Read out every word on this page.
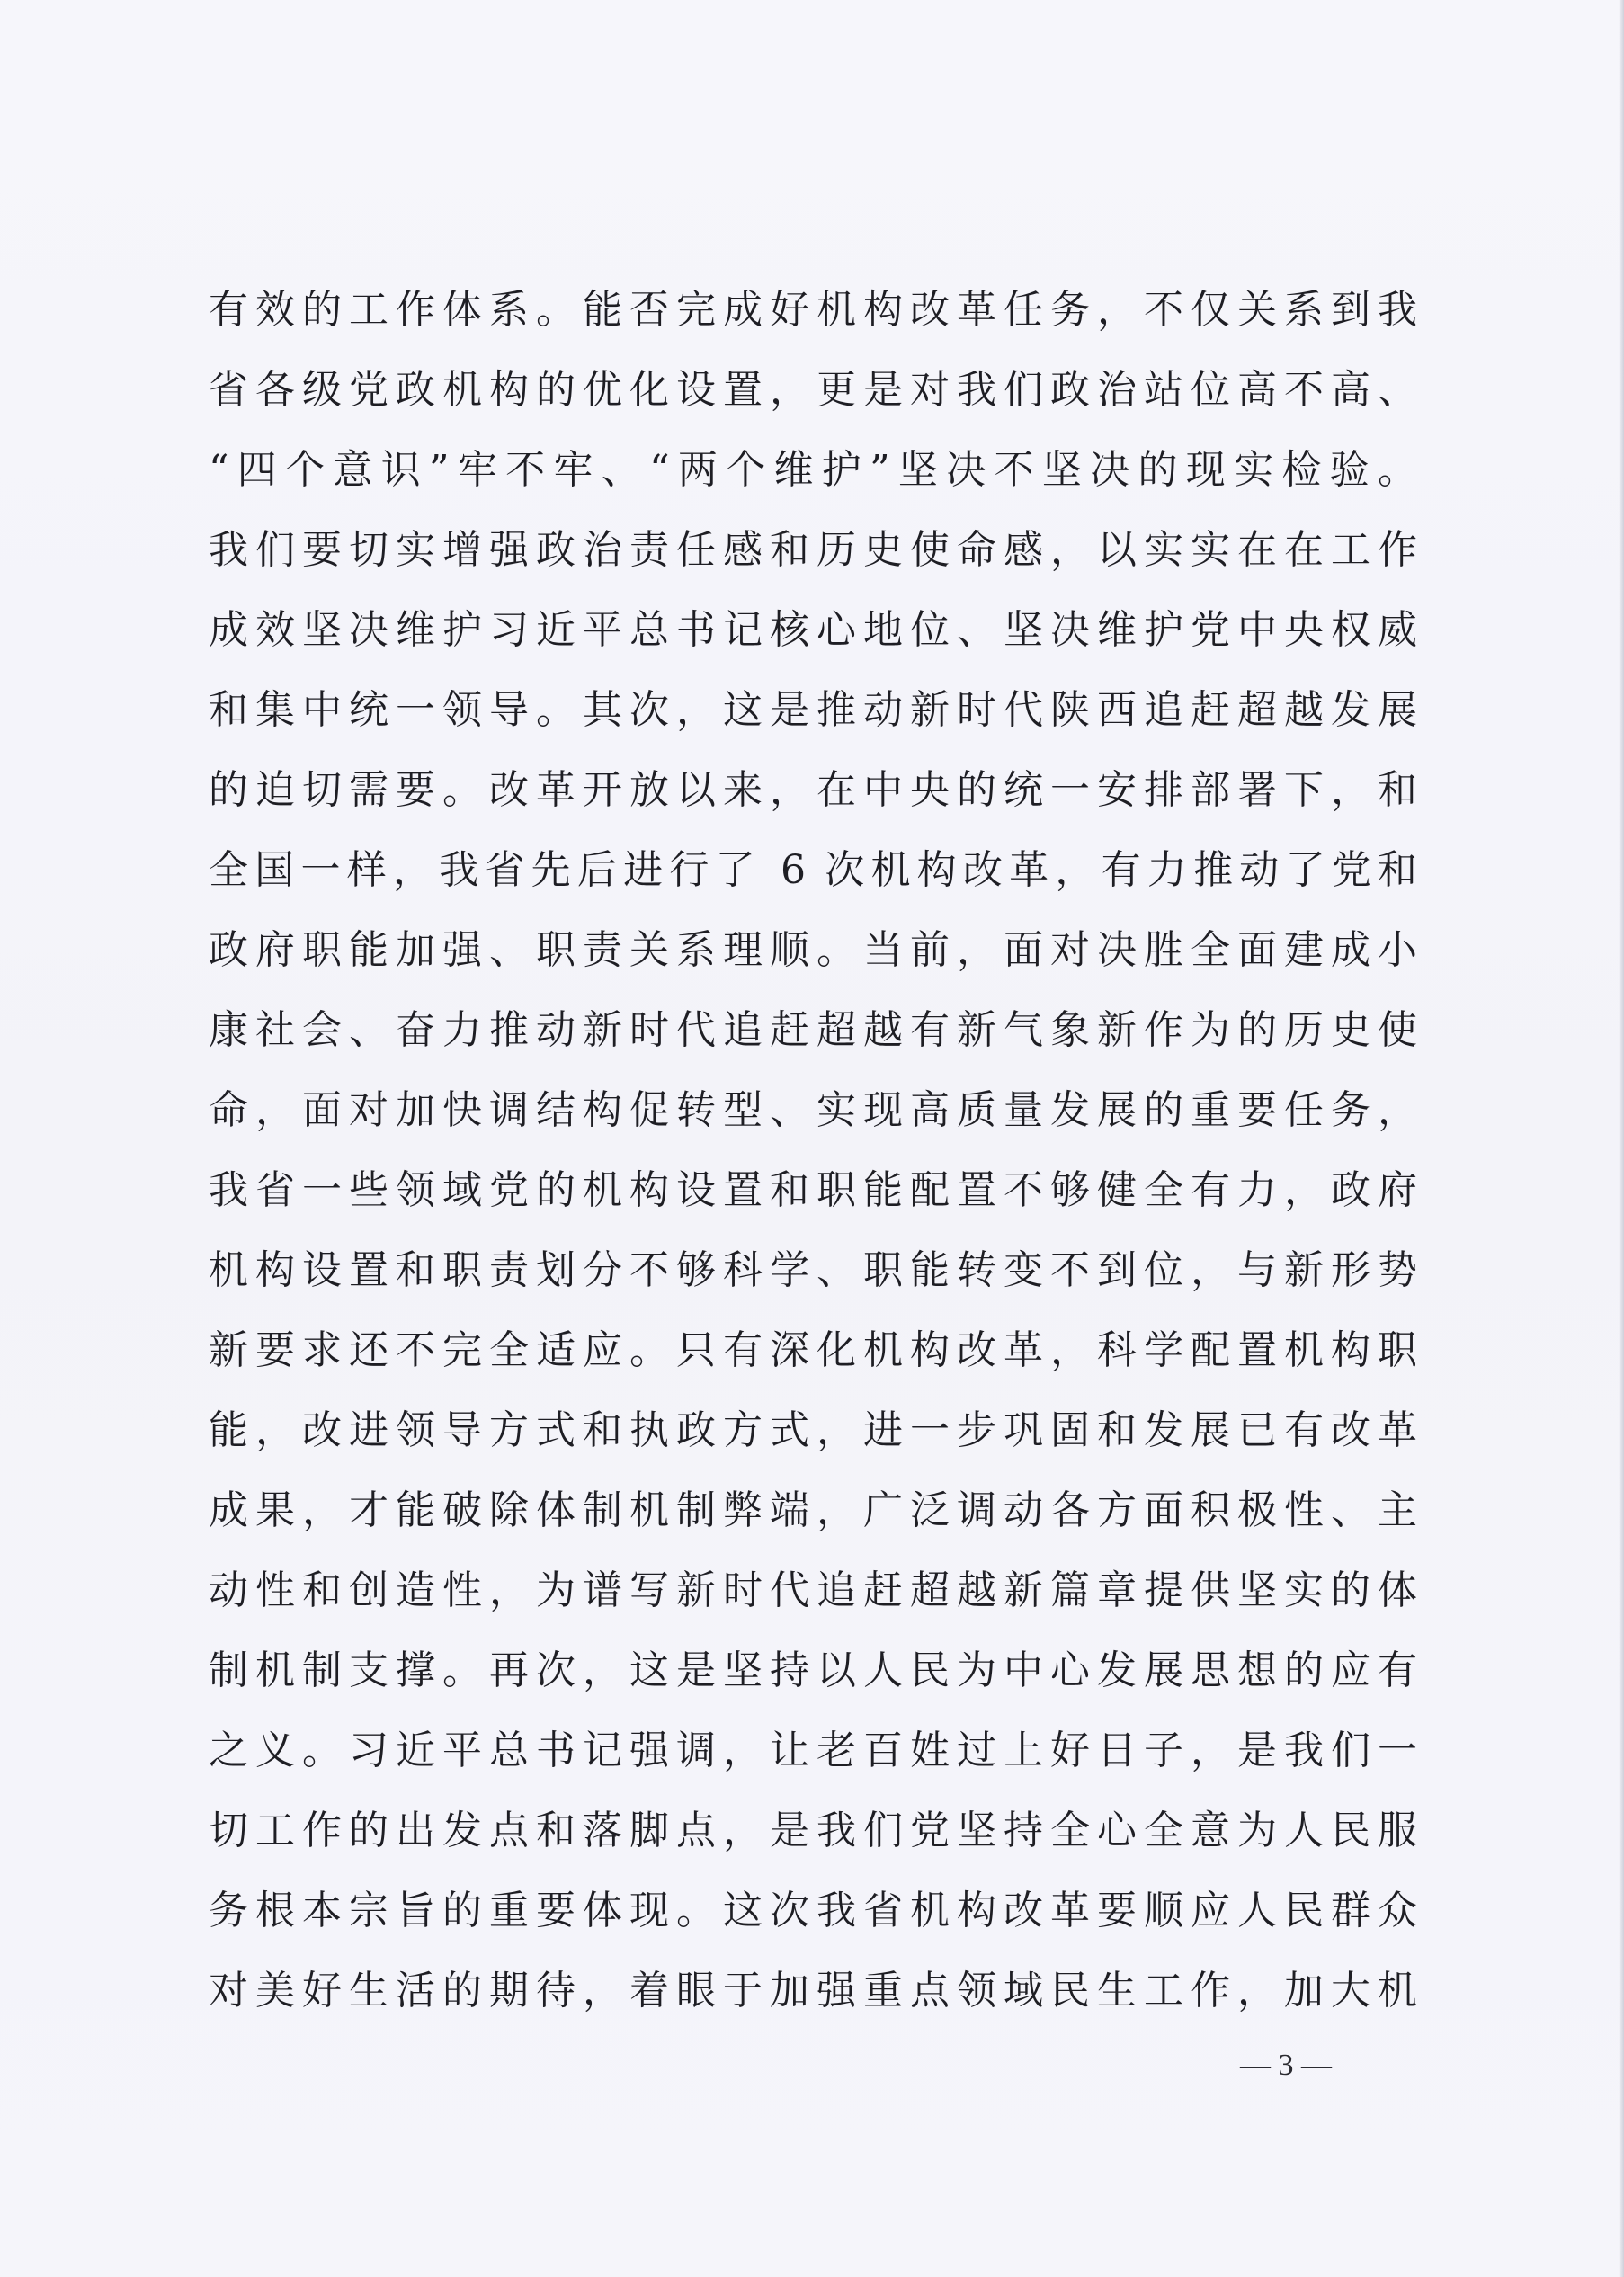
有效的工作体系。能否完成好机构改革任务，不仅关系到我
省各级党政机构的优化设置，更是对我们政治站位高不高、
“四个意识”牢不牢、“两个维护”坚决不坚决的现实检验。
我们要切实增强政治责任感和历史使命感，以实实在在工作
成效坚决维护习近平总书记核心地位、坚决维护党中央权威
和集中统一领导。其次，这是推动新时代陕西追赶超越发展
的迫切需要。改革开放以来，在中央的统一安排部署下，和
全国一样，我省先后进行了 6 次机构改革，有力推动了党和
政府职能加强、职责关系理顺。当前，面对决胜全面建成小
康社会、奋力推动新时代追赶超越有新气象新作为的历史使
命，面对加快调结构促转型、实现高质量发展的重要任务，
我省一些领域党的机构设置和职能配置不够健全有力，政府
机构设置和职责划分不够科学、职能转变不到位，与新形势
新要求还不完全适应。只有深化机构改革，科学配置机构职
能，改进领导方式和执政方式，进一步巩固和发展已有改革
成果，才能破除体制机制弊端，广泛调动各方面积极性、主
动性和创造性，为谱写新时代追赶超越新篇章提供坚实的体
制机制支撑。再次，这是坚持以人民为中心发展思想的应有
之义。习近平总书记强调，让老百姓过上好日子，是我们一
切工作的出发点和落脚点，是我们党坚持全心全意为人民服
务根本宗旨的重要体现。这次我省机构改革要顺应人民群众
对美好生活的期待，着眼于加强重点领域民生工作，加大机
— 3 —
